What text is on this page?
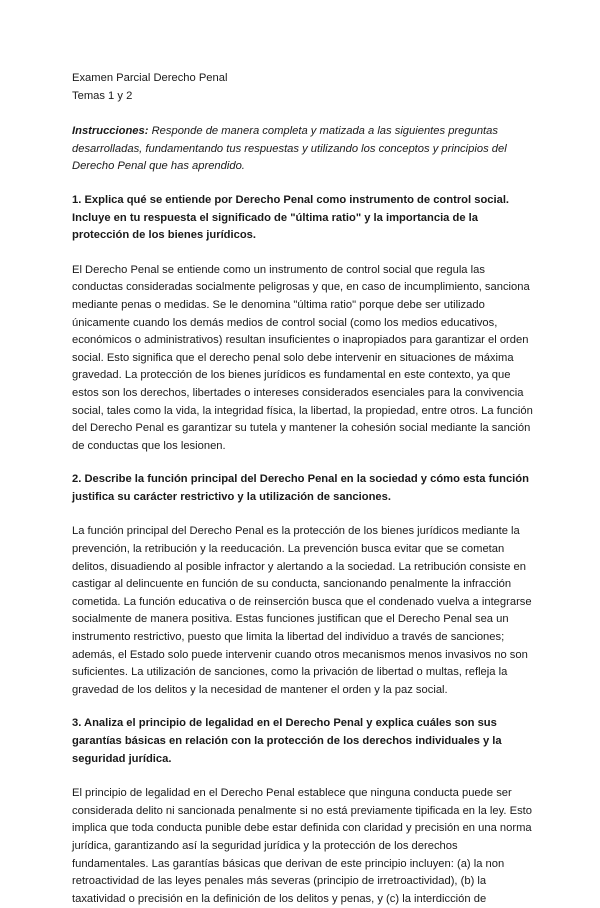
Examen Parcial Derecho Penal

Temas 1 y 2

Instrucciones: Responde de manera completa y matizada a las siguientes preguntas desarrolladas, fundamentando tus respuestas y utilizando los conceptos y principios del Derecho Penal que has aprendido.

1. Explica qué se entiende por Derecho Penal como instrumento de control social. Incluye en tu respuesta el significado de "última ratio" y la importancia de la protección de los bienes jurídicos.

El Derecho Penal se entiende como un instrumento de control social que regula las conductas consideradas socialmente peligrosas y que, en caso de incumplimiento, sanciona mediante penas o medidas. Se le denomina "última ratio" porque debe ser utilizado únicamente cuando los demás medios de control social (como los medios educativos, económicos o administrativos) resultan insuficientes o inapropiados para garantizar el orden social. Esto significa que el derecho penal solo debe intervenir en situaciones de máxima gravedad. La protección de los bienes jurídicos es fundamental en este contexto, ya que estos son los derechos, libertades o intereses considerados esenciales para la convivencia social, tales como la vida, la integridad física, la libertad, la propiedad, entre otros. La función del Derecho Penal es garantizar su tutela y mantener la cohesión social mediante la sanción de conductas que los lesionen.

2. Describe la función principal del Derecho Penal en la sociedad y cómo esta función justifica su carácter restrictivo y la utilización de sanciones.

La función principal del Derecho Penal es la protección de los bienes jurídicos mediante la prevención, la retribución y la reeducación. La prevención busca evitar que se cometan delitos, disuadiendo al posible infractor y alertando a la sociedad. La retribución consiste en castigar al delincuente en función de su conducta, sancionando penalmente la infracción cometida. La función educativa o de reinserción busca que el condenado vuelva a integrarse socialmente de manera positiva. Estas funciones justifican que el Derecho Penal sea un instrumento restrictivo, puesto que limita la libertad del individuo a través de sanciones; además, el Estado solo puede intervenir cuando otros mecanismos menos invasivos no son suficientes. La utilización de sanciones, como la privación de libertad o multas, refleja la gravedad de los delitos y la necesidad de mantener el orden y la paz social.

3. Analiza el principio de legalidad en el Derecho Penal y explica cuáles son sus garantías básicas en relación con la protección de los derechos individuales y la seguridad jurídica.

El principio de legalidad en el Derecho Penal establece que ninguna conducta puede ser considerada delito ni sancionada penalmente si no está previamente tipificada en la ley. Esto implica que toda conducta punible debe estar definida con claridad y precisión en una norma jurídica, garantizando así la seguridad jurídica y la protección de los derechos fundamentales. Las garantías básicas que derivan de este principio incluyen: (a) la non retroactividad de las leyes penales más severas (principio de irretroactividad), (b) la taxatividad o precisión en la definición de los delitos y penas, y (c) la interdicción de
